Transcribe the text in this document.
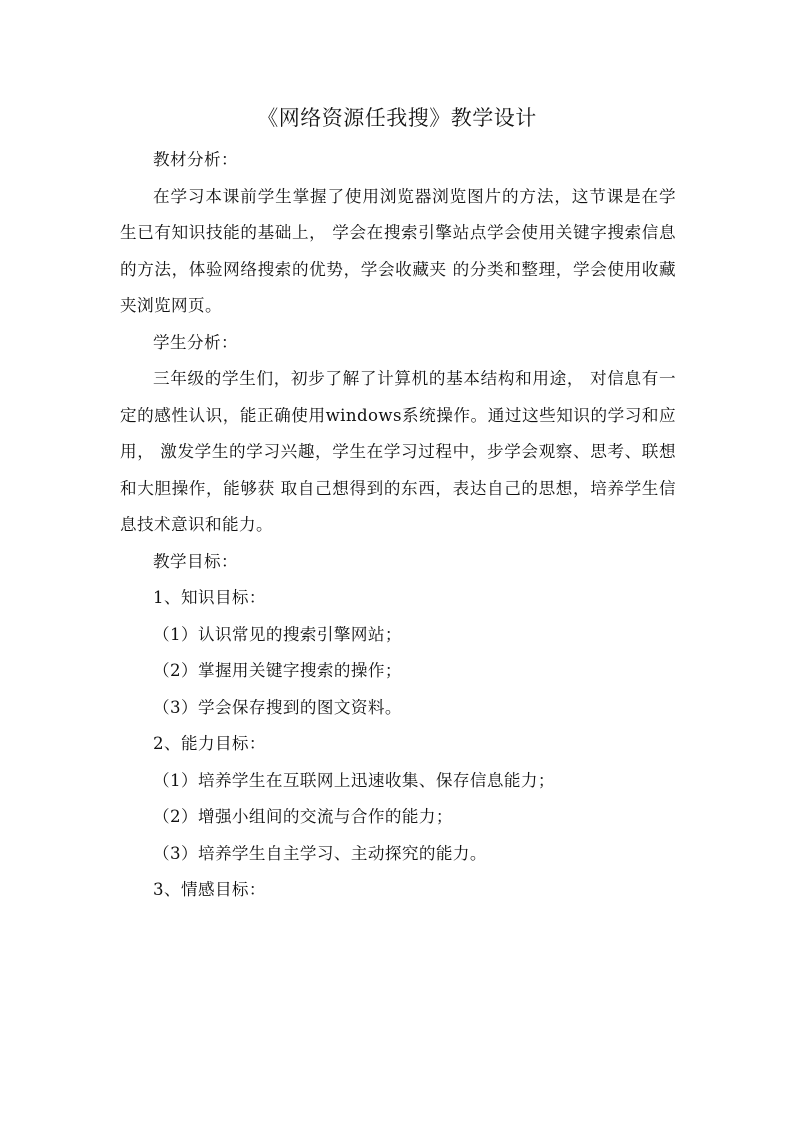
《网络资源任我搜》教学设计

教材分析：

在学习本课前学生掌握了使用浏览器浏览图片的方法，这节课是在学生已有知识技能的基础上， 学会在搜索引擎站点学会使用关键字搜索信息的方法，体验网络搜索的优势，学会收藏夹 的分类和整理，学会使用收藏夹浏览网页。

学生分析：

三年级的学生们，初步了解了计算机的基本结构和用途， 对信息有一定的感性认识，能正确使用windows系统操作。通过这些知识的学习和应用， 激发学生的学习兴趣，学生在学习过程中，步学会观察、思考、联想和大胆操作，能够获 取自己想得到的东西，表达自己的思想，培养学生信息技术意识和能力。

教学目标：

1、知识目标：

（1）认识常见的搜索引擎网站；

（2）掌握用关键字搜索的操作；

（3）学会保存搜到的图文资料。

2、能力目标：

（1）培养学生在互联网上迅速收集、保存信息能力；

（2）增强小组间的交流与合作的能力；

（3）培养学生自主学习、主动探究的能力。

3、情感目标：
